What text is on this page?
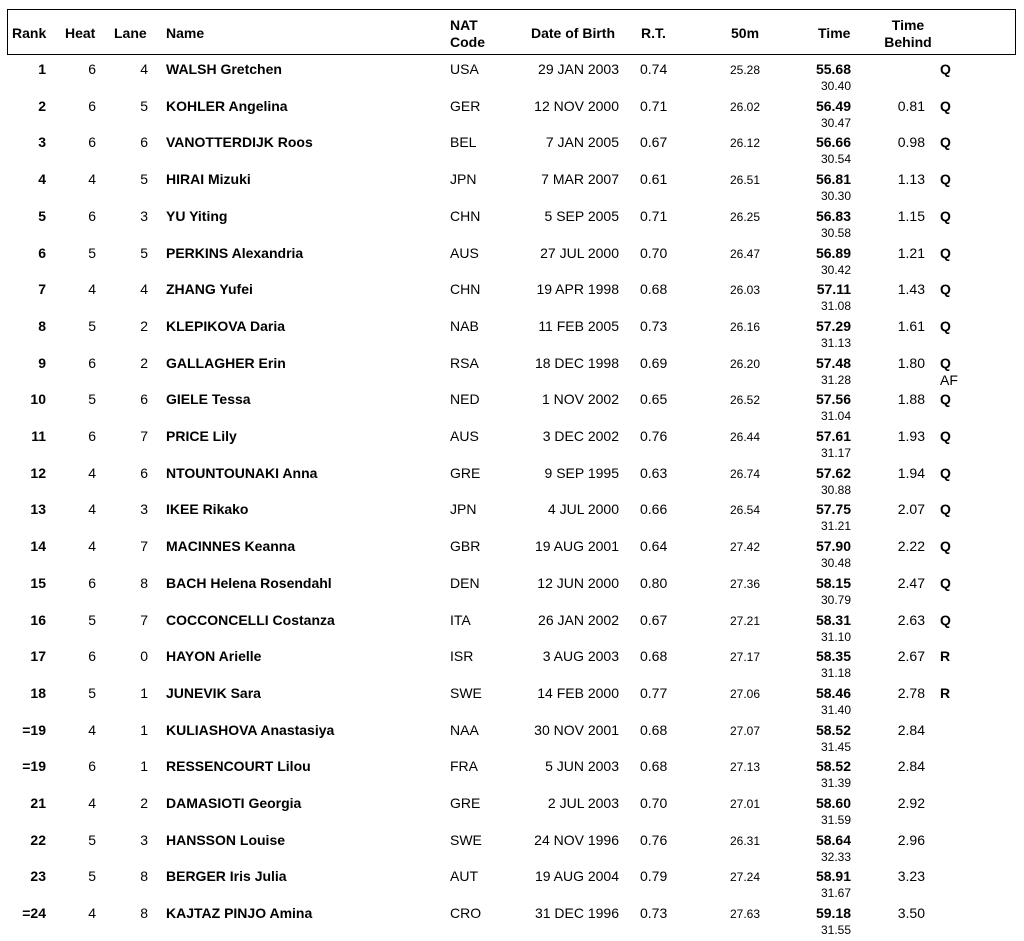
Rank Heat Lane Name	NAT
Code
Date of Birth R.T.	50m	Time	Time
Behind
1	6	4 WALSH Gretchen	USA	29 JAN 2003 0.74	25.28	55.68
30.40
Q
2	6	5 KOHLER Angelina	GER	12 NOV 2000 0.71	26.02	56.49
30.47
0.81 Q
3	6	6 VANOTTERDIJK Roos	BEL	7 JAN 2005 0.67	26.12	56.66
30.54
0.98 Q
4	4	5 HIRAI Mizuki	JPN	7 MAR 2007 0.61	26.51	56.81
30.30
1.13 Q
5	6	3 YU Yiting	CHN	5 SEP 2005 0.71	26.25	56.83
30.58
1.15 Q
6	5	5 PERKINS Alexandria	AUS	27 JUL 2000 0.70	26.47	56.89
30.42
1.21 Q
7	4	4 ZHANG Yufei	CHN	19 APR 1998 0.68	26.03	57.11
31.08
1.43 Q
8	5	2 KLEPIKOVA Daria	NAB	11 FEB 2005 0.73	26.16	57.29
31.13
1.61 Q
9	6	2 GALLAGHER Erin	RSA	18 DEC 1998 0.69	26.20	57.48
31.28
1.80 Q
AF
10	5	6 GIELE Tessa	NED	1 NOV 2002 0.65	26.52	57.56
31.04
1.88 Q
11	6	7 PRICE Lily	AUS	3 DEC 2002 0.76	26.44	57.61
31.17
1.93 Q
12	4	6 NTOUNTOUNAKI Anna	GRE	9 SEP 1995 0.63	26.74	57.62
30.88
1.94 Q
13	4	3 IKEE Rikako	JPN	4 JUL 2000 0.66	26.54	57.75
31.21
2.07 Q
14	4	7 MACINNES Keanna	GBR	19 AUG 2001 0.64	27.42	57.90
30.48
2.22 Q
15	6	8 BACH Helena Rosendahl	DEN	12 JUN 2000 0.80	27.36	58.15
30.79
2.47 Q
16	5	7 COCCONCELLI Costanza	ITA	26 JAN 2002 0.67	27.21	58.31
31.10
2.63 Q
17	6	0 HAYON Arielle	ISR	3 AUG 2003 0.68	27.17	58.35
31.18
2.67 R
18	5	1 JUNEVIK Sara	SWE	14 FEB 2000 0.77	27.06	58.46
31.40
2.78 R
=19	4	1 KULIASHOVA Anastasiya	NAA	30 NOV 2001 0.68	27.07	58.52
31.45
2.84
=19	6	1 RESSENCOURT Lilou	FRA	5 JUN 2003 0.68	27.13	58.52
31.39
2.84
21	4	2 DAMASIOTI Georgia	GRE	2 JUL 2003 0.70	27.01	58.60
31.59
2.92
22	5	3 HANSSON Louise	SWE	24 NOV 1996 0.76	26.31	58.64
32.33
2.96
23	5	8 BERGER Iris Julia	AUT	19 AUG 2004 0.79	27.24	58.91
31.67
3.23
=24	4	8 KAJTAZ PINJO Amina	CRO	31 DEC 1996 0.73	27.63	59.18
31.55
3.50
